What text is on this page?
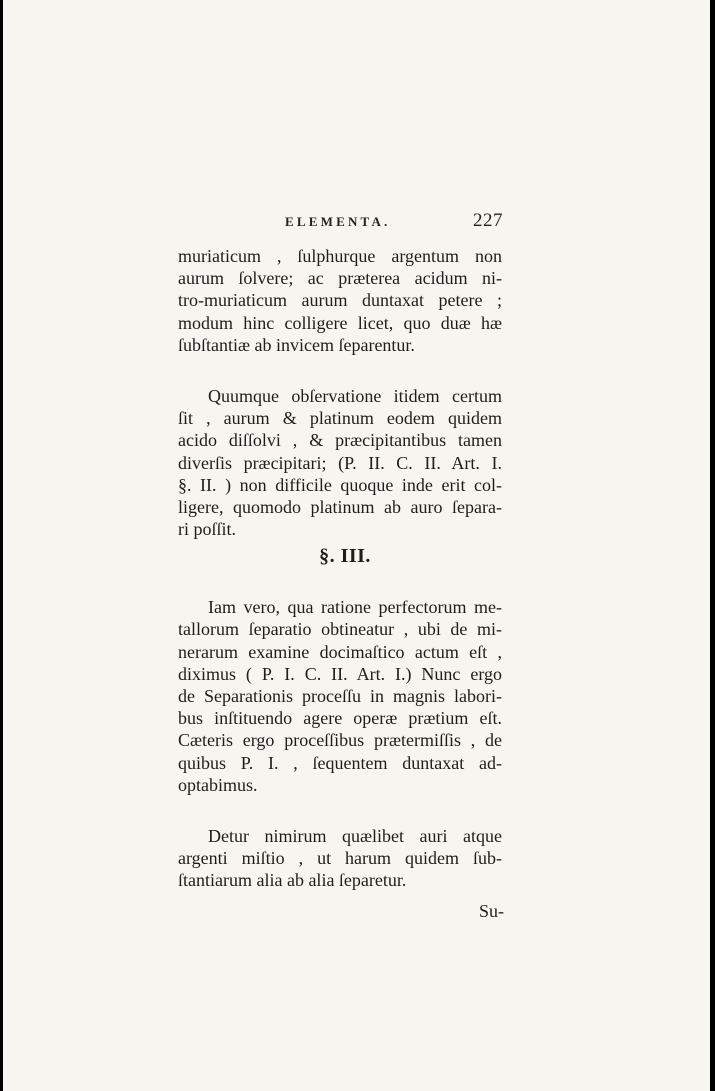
ELEMENTA.	227
muriaticum , ſulphurque argentum non
aurum ſolvere; ac præterea acidum ni-
tro-muriaticum aurum duntaxat petere ;
modum hinc colligere licet, quo duæ hæ
ſubſtantiæ ab invicem ſeparentur.
Quumque obſervatione itidem certum
ſit , aurum & platinum eodem quidem
acido diſſolvi , & præcipitantibus tamen
diverſis præcipitari; (P. II. C. II. Art. I.
§. II. ) non difficile quoque inde erit col-
ligere, quomodo platinum ab auro ſepara-
ri poſſit.
§. III.
Iam vero, qua ratione perfectorum me-
tallorum ſeparatio obtineatur , ubi de mi-
nerarum examine docimaſtico actum eſt ,
diximus ( P. I. C. II. Art. I.) Nunc ergo
de Separationis proceſſu in magnis labori-
bus inſtituendo agere operæ prætium eſt.
Cæteris ergo proceſſibus prætermiſſis , de
quibus P. I. , ſequentem duntaxat ad-
optabimus.
Detur nimirum quælibet auri atque
argenti miſtio , ut harum quidem ſub-
ſtantiarum alia ab alia ſeparetur.
Su-
